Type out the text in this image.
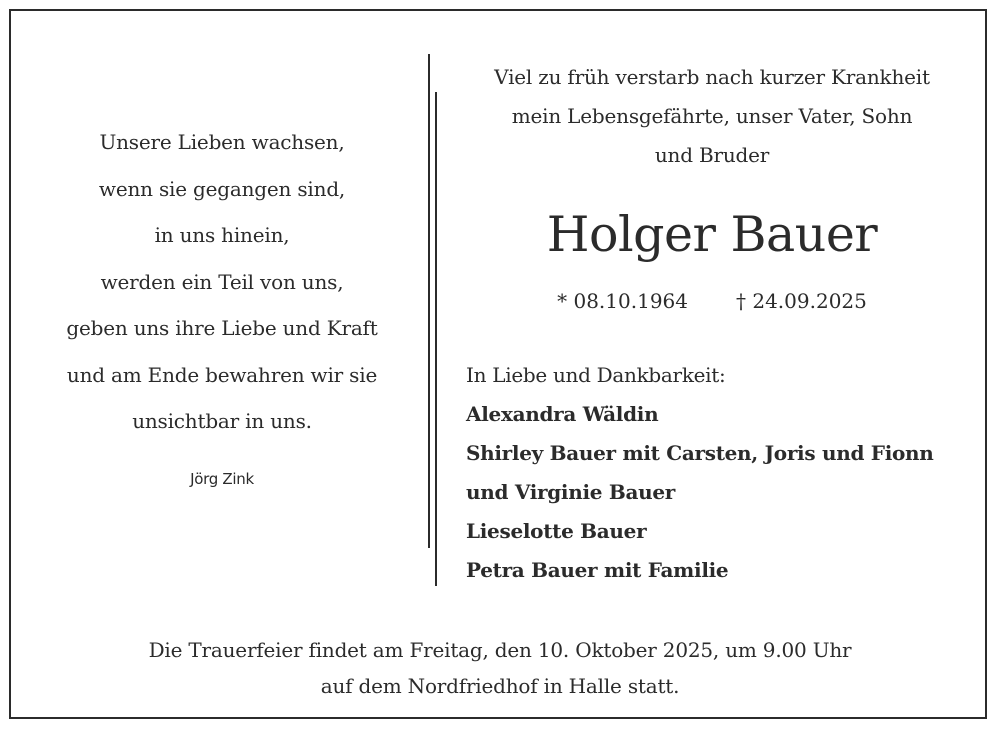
Unsere Lieben wachsen,
wenn sie gegangen sind,
in uns hinein,
werden ein Teil von uns,
geben uns ihre Liebe und Kraft
und am Ende bewahren wir sie
unsichtbar in uns.
Jörg Zink
Viel zu früh verstarb nach kurzer Krankheit
mein Lebensgefährte, unser Vater, Sohn
und Bruder
Holger Bauer
* 08.10.1964 † 24.09.2025
In Liebe und Dankbarkeit:
Alexandra Wäldin
Shirley Bauer mit Carsten, Joris und Fionn
und Virginie Bauer
Lieselotte Bauer
Petra Bauer mit Familie
Die Trauerfeier findet am Freitag, den 10. Oktober 2025, um 9.00 Uhr
auf dem Nordfriedhof in Halle statt.
